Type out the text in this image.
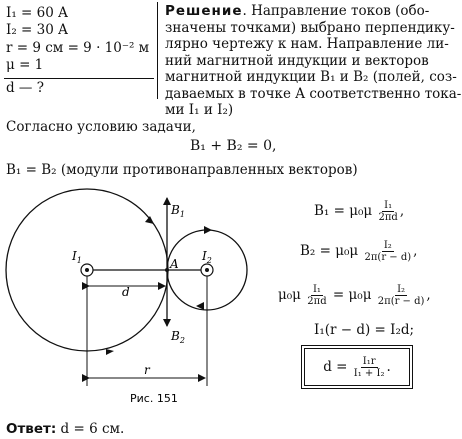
I₁ = 60 A
I₂ = 30 A
r = 9 см = 9 · 10⁻² м
μ = 1
d — ?
Решение. Направление токов (обо-
значены точками) выбрано перпендику-
лярно чертежу к нам. Направление ли-
ний магнитной индукции и векторов
магнитной индукции B₁ и B₂ (полей, соз-
даваемых в точке A соответственно тока-
ми I₁ и I₂)
Согласно условию задачи,
B₁ + B₂ = 0,
B₁ = B₂ (модули противонаправленных векторов)
$B_1$
$B_2$
$I_1$	$I_2$
A
d
r
Рис. 151
$B_1 = \mu_0\mu \frac{\text{I₁}}{2\pi d}$ ,
$B_2 = \mu_0\mu \frac{\text{I₂}}{2\pi(r - d)}$ ,
$\mu_0\mu \frac{\text{I₁}}{2\pi d} = \mu_0\mu \frac{\text{I₂}}{2\pi(r - d)}$ ,
I₁(r − d) = I₂d;
d =
$\frac{\text{I₁r}}{\text{I₁ + I₂}}$ .
Ответ: d = 6 см.
